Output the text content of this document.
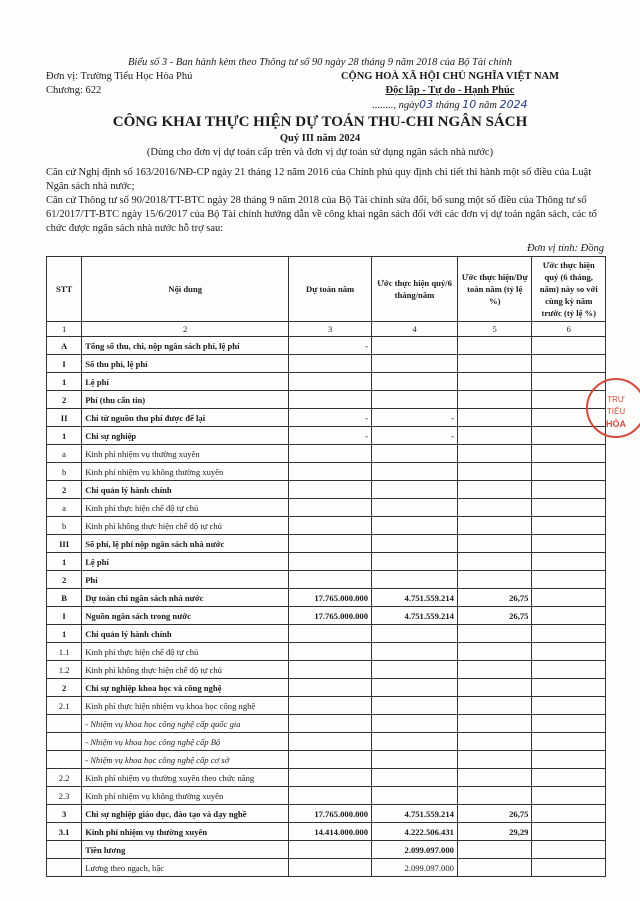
Biểu số 3 - Ban hành kèm theo Thông tư số 90 ngày 28 tháng 9 năm 2018 của Bộ Tài chính
Đơn vị: Trường Tiểu Học Hòa Phú
Chương: 622
CỘNG HOÀ XÃ HỘI CHỦ NGHĨA VIỆT NAM
Độc lập - Tự do - Hạnh Phúc
........, ngày03 tháng 10 năm 2024
CÔNG KHAI THỰC HIỆN DỰ TOÁN THU-CHI NGÂN SÁCH
Quý III năm 2024
(Dùng cho đơn vị dự toán cấp trên và đơn vị dự toán sử dụng ngân sách nhà nước)
Căn cứ Nghị định số 163/2016/NĐ-CP ngày 21 tháng 12 năm 2016 của Chính phủ quy định chi tiết thi hành một số điều của Luật Ngân sách nhà nước;
Căn cứ Thông tư số 90/2018/TT-BTC ngày 28 tháng 9 năm 2018 của Bộ Tài chính sửa đổi, bổ sung một số điều của Thông tư số 61/2017/TT-BTC ngày 15/6/2017 của Bộ Tài chính hướng dẫn về công khai ngân sách đối với các đơn vị dự toán ngân sách, các tổ chức được ngân sách nhà nước hỗ trợ sau:
Đơn vị tính: Đồng
STT	Nội dung	Dự toán năm	Ước thực hiện quý/6 tháng/năm	Ước thực hiện/Dự toán năm (tỷ lệ %)	Ước thực hiện quý (6 tháng, năm) này so với cùng kỳ năm trước (tỷ lệ %)
1	2	3	4	5	6
A	Tổng số thu, chi, nộp ngân sách phí, lệ phí	-			
I	Số thu phí, lệ phí				
1	Lệ phí				
2	Phí (thu cẩn tin)				
II	Chi từ nguồn thu phí được để lại	-	-		
1	Chi sự nghiệp	-	-		
a	Kinh phí nhiệm vụ thường xuyên				
b	Kinh phí nhiệm vụ không thường xuyên				
2	Chi quản lý hành chính				
a	Kinh phí thực hiện chế độ tự chủ				
b	Kinh phí không thực hiện chế độ tự chủ				
III	Số phí, lệ phí nộp ngân sách nhà nước				
1	Lệ phí				
2	Phí				
B	Dự toán chi ngân sách nhà nước	17.765.000.000	4.751.559.214	26,75	
I	Nguồn ngân sách trong nước	17.765.000.000	4.751.559.214	26,75	
1	Chi quản lý hành chính				
1.1	Kinh phí thực hiện chế độ tự chủ				
1.2	Kinh phí không thực hiện chế độ tự chủ				
2	Chi sự nghiệp khoa học và công nghệ				
2.1	Kinh phí thực hiện nhiệm vụ khoa học công nghệ				
	- Nhiệm vụ khoa học công nghệ cấp quốc gia				
	- Nhiệm vụ khoa học công nghệ cấp Bộ				
	- Nhiệm vụ khoa học công nghệ cấp cơ sở				
2.2	Kinh phí nhiệm vụ thường xuyên theo chức năng				
2.3	Kinh phí nhiệm vụ không thường xuyên				
3	Chi sự nghiệp giáo dục, đào tạo và dạy nghề	17.765.000.000	4.751.559.214	26,75	
3.1	Kinh phí nhiệm vụ thường xuyên	14.414.000.000	4.222.506.431	29,29	
	Tiền lương		2.099.097.000		
	Lương theo ngạch, bậc		2.099.097.000		
TRƯ
TIỂU
HÒA
